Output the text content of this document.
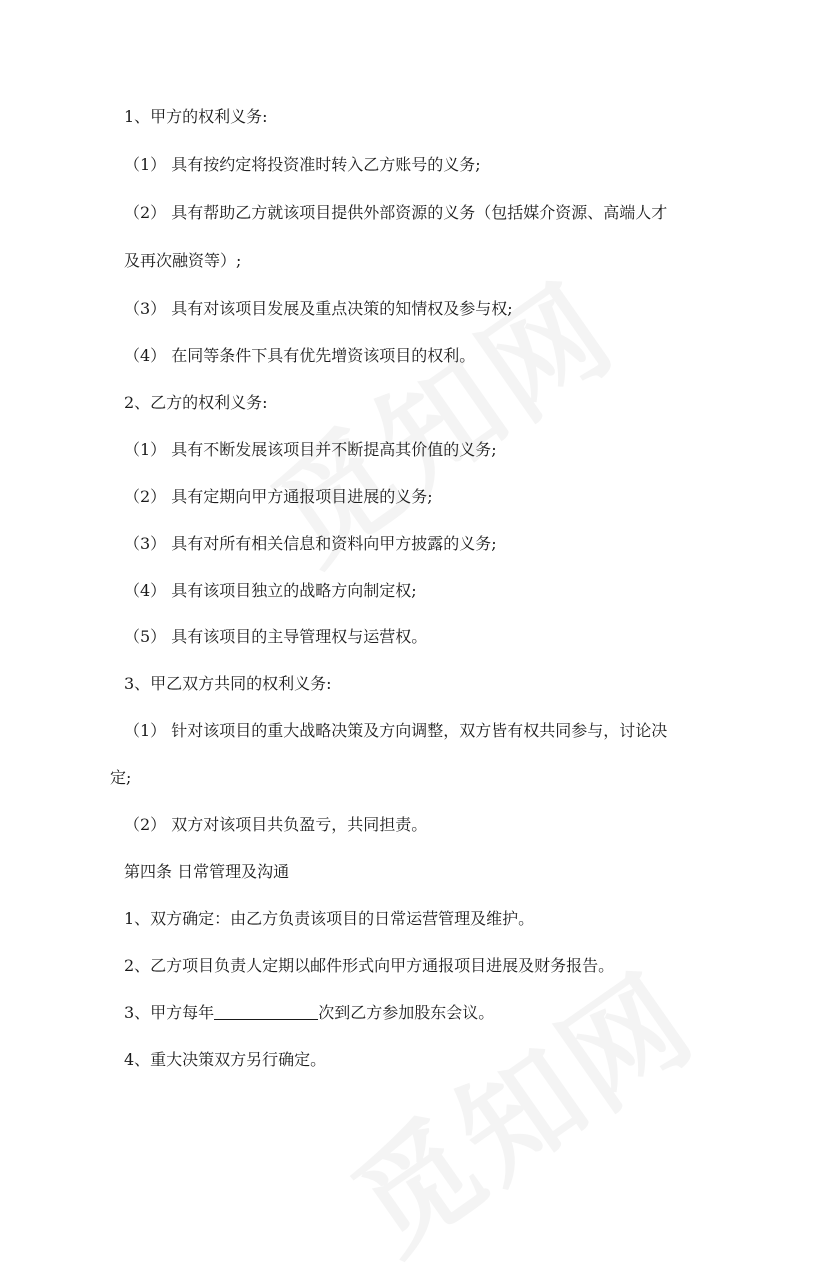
1、甲方的权利义务:

（1） 具有按约定将投资准时转入乙方账号的义务;

（2） 具有帮助乙方就该项目提供外部资源的义务（包括媒介资源、高端人才

及再次融资等）;

（3） 具有对该项目发展及重点决策的知情权及参与权;

（4） 在同等条件下具有优先增资该项目的权利。

2、乙方的权利义务:

（1） 具有不断发展该项目并不断提高其价值的义务;

（2） 具有定期向甲方通报项目进展的义务;

（3） 具有对所有相关信息和资料向甲方披露的义务;

（4） 具有该项目独立的战略方向制定权;

（5） 具有该项目的主导管理权与运营权。

3、甲乙双方共同的权利义务:

（1） 针对该项目的重大战略决策及方向调整，双方皆有权共同参与，讨论决

定;

（2） 双方对该项目共负盈亏，共同担责。

第四条 日常管理及沟通

1、双方确定：由乙方负责该项目的日常运营管理及维护。

2、乙方项目负责人定期以邮件形式向甲方通报项目进展及财务报告。

3、甲方每年	次到乙方参加股东会议。

4、重大决策双方另行确定。
